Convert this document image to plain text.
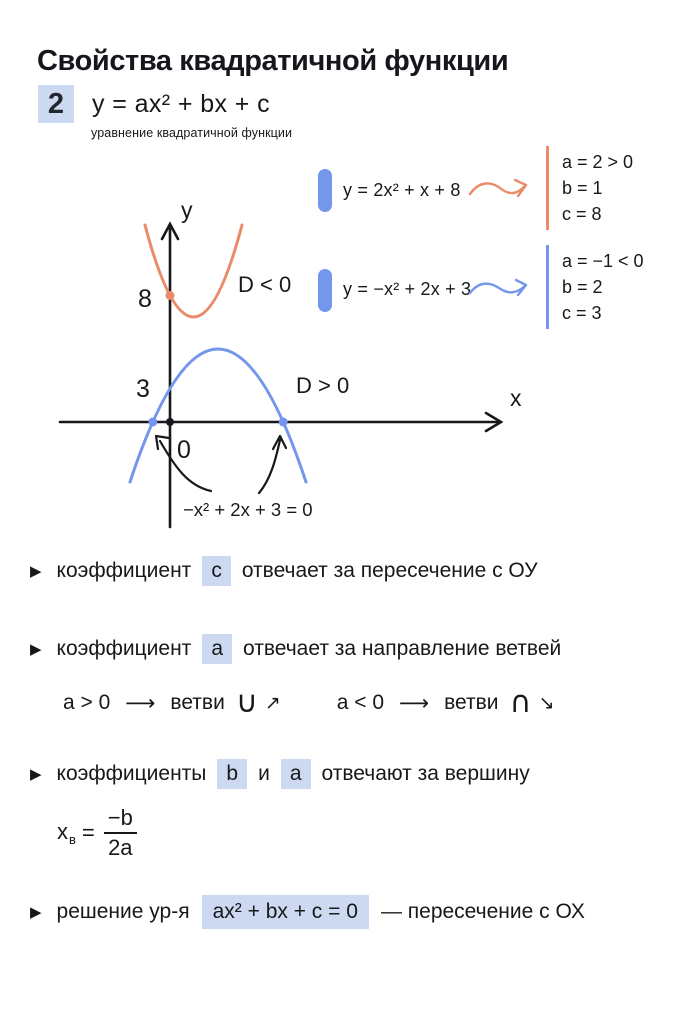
Свойства квадратичной функции
2	y = ax² + bx + c
уравнение квадратичной функции
y
x
8
3
0
D < 0
D > 0
−x² + 2x + 3 = 0
y = 2x² + x + 8
a = 2 > 0
b = 1
c = 8
y = −x² + 2x + 3
a = −1 < 0
b = 2
c = 3
▶ коэффициент c отвечает за пересечение с ОУ
▶ коэффициент a отвечает за направление ветвей
a > 0 ⟶ ветви ∪ ↗	a < 0 ⟶ ветви ∩ ↘
▶ коэффициенты b и a отвечают за вершину
$x_в = \frac{-b}{2a}$
▶ решение ур-я	ax² + bx + c = 0	— пересечение с ОХ
